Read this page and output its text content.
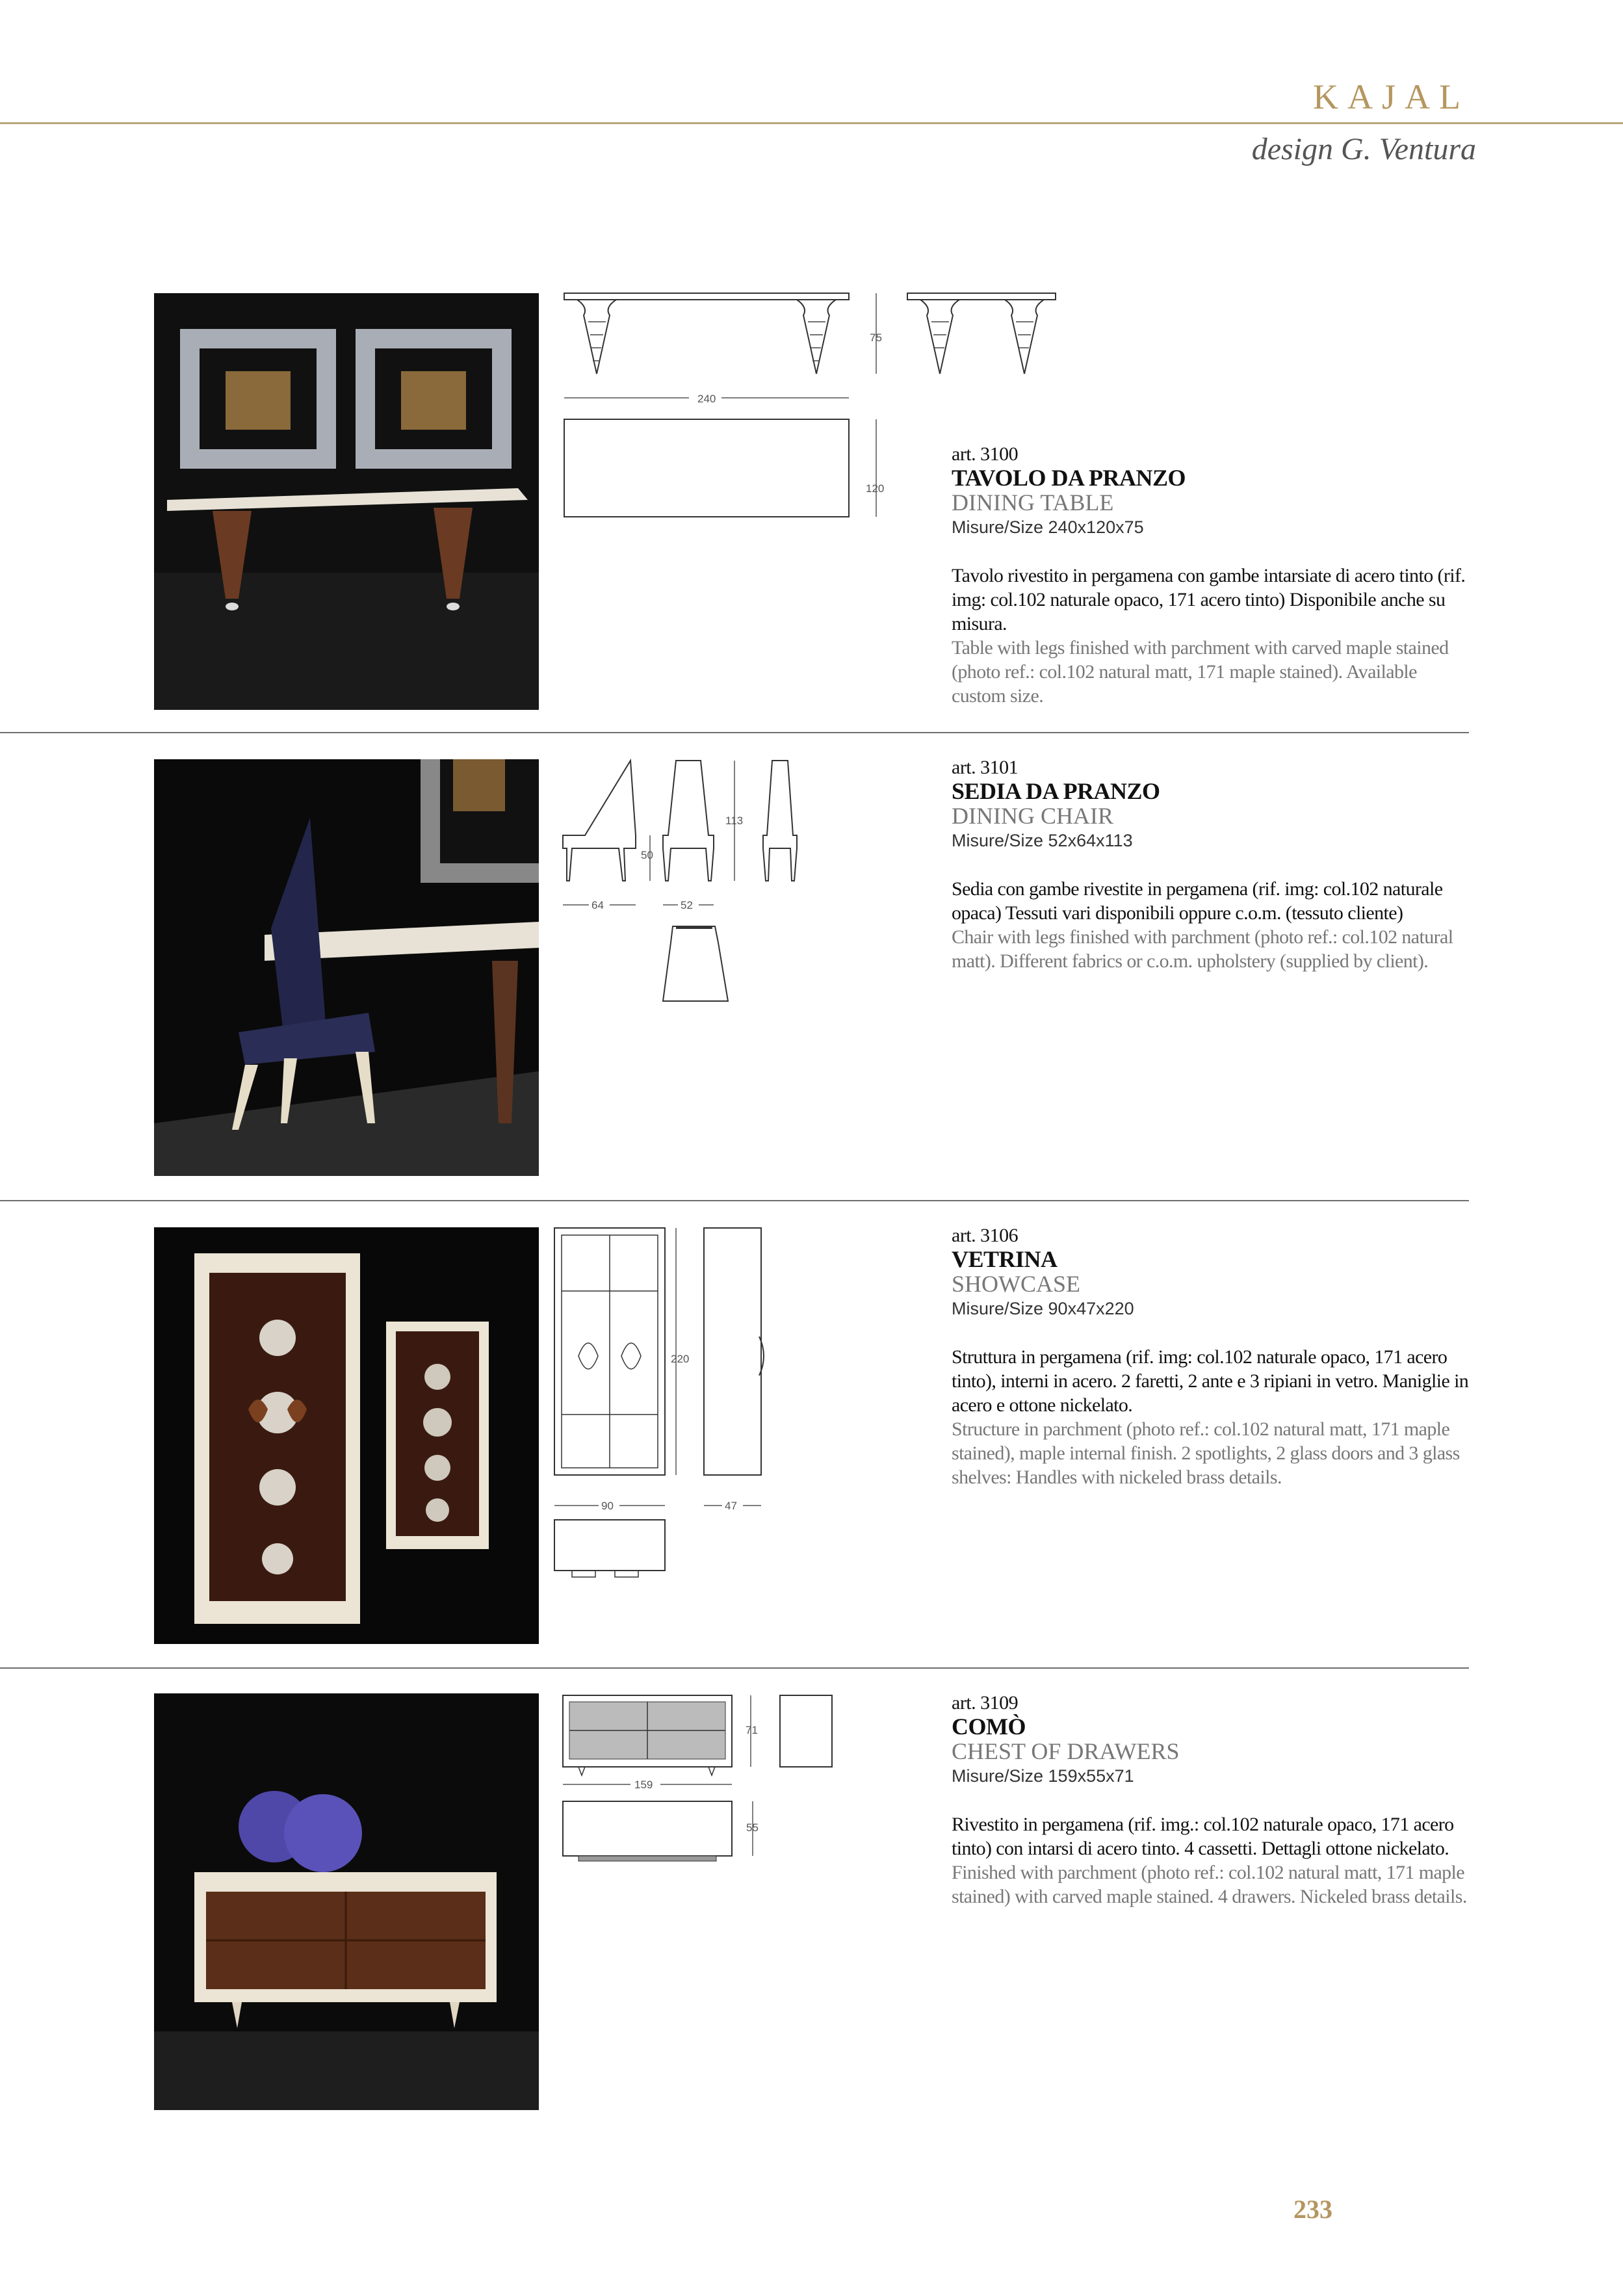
KAJAL
design G. Ventura
75
240
120
art. 3100
TAVOLO DA PRANZO
DINING TABLE
Misure/Size 240x120x75
Tavolo rivestito in pergamena con gambe intarsiate di acero tinto (rif. img: col.102 naturale opaco, 171 acero tinto) Disponibile anche su misura.
Table with legs finished with parchment with carved maple stained (photo ref.: col.102 natural matt, 171 maple stained). Available custom size.
50
113
64	52
art. 3101
SEDIA DA PRANZO
DINING CHAIR
Misure/Size 52x64x113
Sedia con gambe rivestite in pergamena (rif. img: col.102 naturale opaca) Tessuti vari disponibili oppure c.o.m. (tessuto cliente)
Chair with legs finished with parchment (photo ref.: col.102 natural matt). Different fabrics or c.o.m. upholstery (supplied by client).
220
90	47
art. 3106
VETRINA
SHOWCASE
Misure/Size 90x47x220
Struttura in pergamena (rif. img: col.102 naturale opaco, 171 acero tinto), interni in acero. 2 faretti, 2 ante e 3 ripiani in vetro. Maniglie in acero e ottone nickelato.
Structure in parchment (photo ref.: col.102 natural matt, 171 maple stained), maple internal finish. 2 spotlights, 2 glass doors and 3 glass shelves: Handles with nickeled brass details.
71
159
55
art. 3109
COMÒ
CHEST OF DRAWERS
Misure/Size 159x55x71
Rivestito in pergamena (rif. img.: col.102 naturale opaco, 171 acero tinto) con intarsi di acero tinto. 4 cassetti. Dettagli ottone nickelato.
Finished with parchment (photo ref.: col.102 natural matt, 171 maple stained) with carved maple stained. 4 drawers. Nickeled brass details.
233
